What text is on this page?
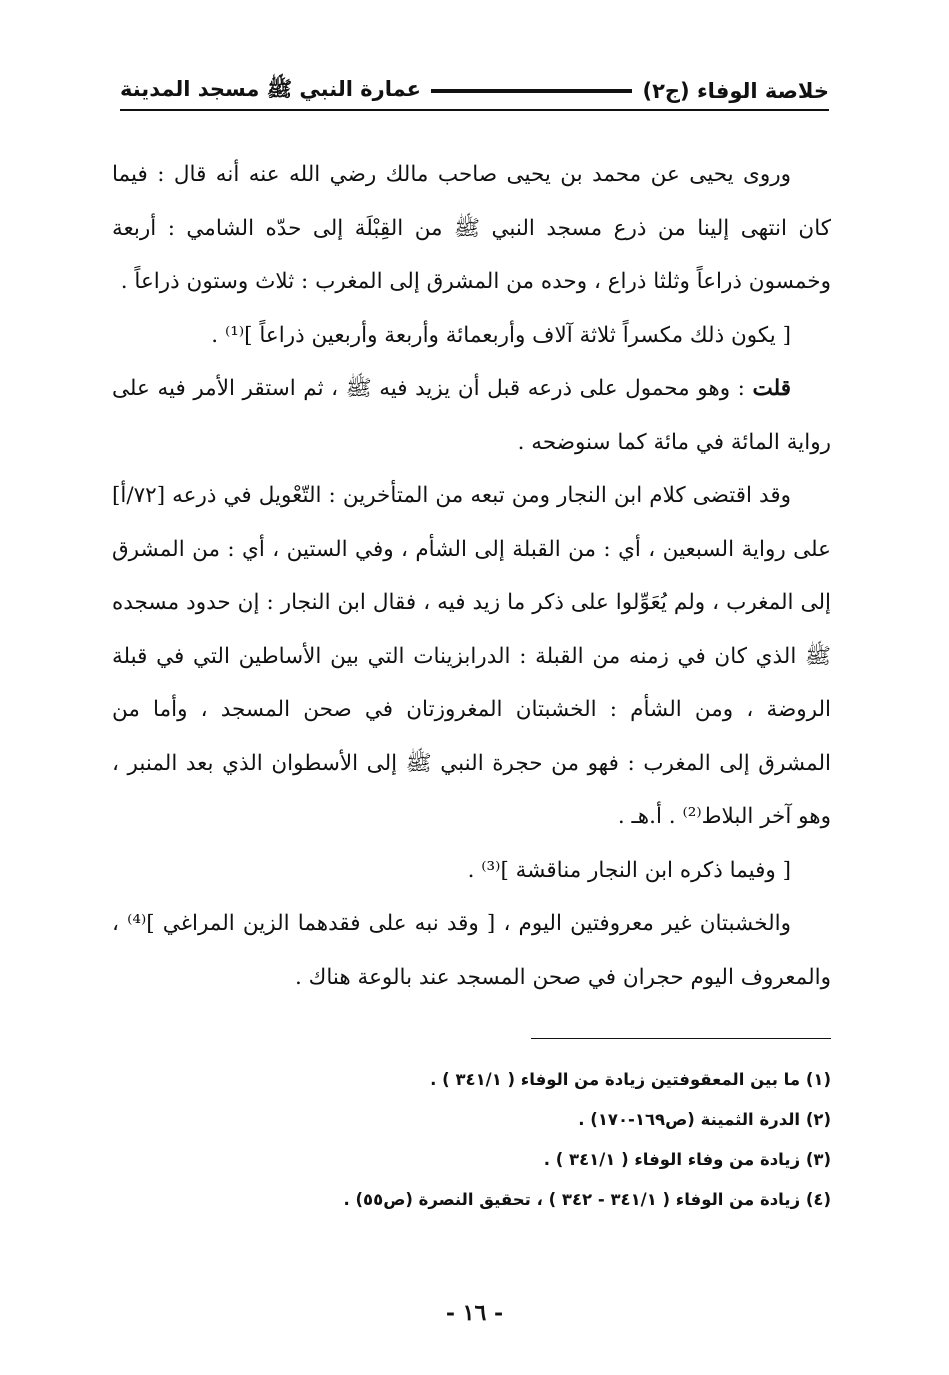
خلاصة الوفاء (ج٢)
عمارة النبي ﷺ مسجد المدينة

وروى يحيى عن محمد بن يحيى صاحب مالك رضي الله عنه أنه قال : فيما كان انتهى إلينا من ذرع مسجد النبي ﷺ من القِبْلَة إلى حدّه الشامي : أربعة وخمسون ذراعاً وثلثا ذراع ، وحده من المشرق إلى المغرب : ثلاث وستون ذراعاً .

[ يكون ذلك مكسراً ثلاثة آلاف وأربعمائة وأربعة وأربعين ذراعاً ]⁽¹⁾ .

قلت : وهو محمول على ذرعه قبل أن يزيد فيه ﷺ ، ثم استقر الأمر فيه على رواية المائة في مائة كما سنوضحه .

وقد اقتضى كلام ابن النجار ومن تبعه من المتأخرين : التّعْويل في ذرعه [٧٢/أ] على رواية السبعين ، أي : من القبلة إلى الشأم ، وفي الستين ، أي : من المشرق إلى المغرب ، ولم يُعَوِّلوا على ذكر ما زيد فيه ، فقال ابن النجار : إن حدود مسجده ﷺ الذي كان في زمنه من القبلة : الدرابزينات التي بين الأساطين التي في قبلة الروضة ، ومن الشأم : الخشبتان المغروزتان في صحن المسجد ، وأما من المشرق إلى المغرب : فهو من حجرة النبي ﷺ إلى الأسطوان الذي بعد المنبر ، وهو آخر البلاط⁽²⁾ . أ.هـ .

[ وفيما ذكره ابن النجار مناقشة ]⁽³⁾ .

والخشبتان غير معروفتين اليوم ، [ وقد نبه على فقدهما الزين المراغي ]⁽⁴⁾ ، والمعروف اليوم حجران في صحن المسجد عند بالوعة هناك .

(١) ما بين المعقوفتين زيادة من الوفاء ( ٣٤١/١ ) .

(٢) الدرة الثمينة (ص١٦٩-١٧٠) .

(٣) زيادة من وفاء الوفاء ( ٣٤١/١ ) .

(٤) زيادة من الوفاء ( ٣٤١/١ - ٣٤٢ ) ، تحقيق النصرة (ص٥٥) .

- ١٦ -
